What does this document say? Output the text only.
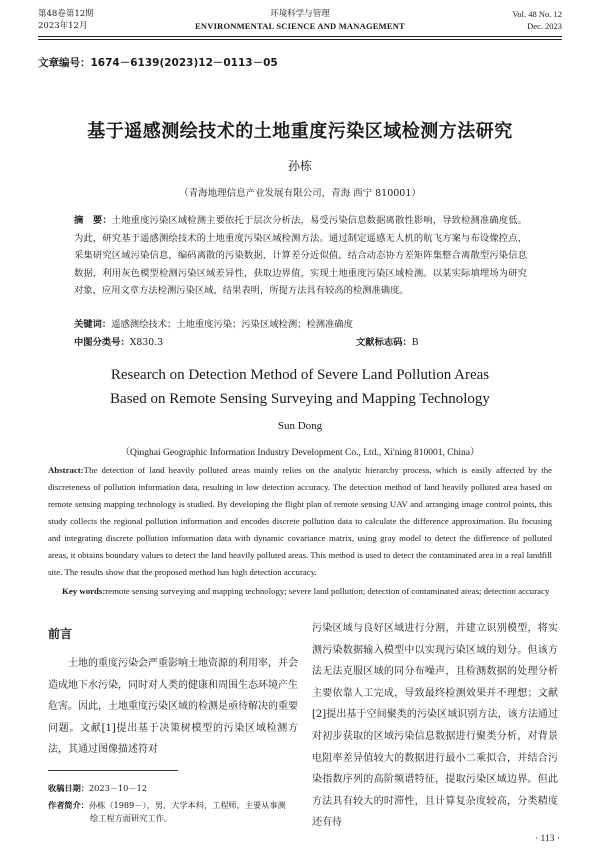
第48卷第12期
2023年12月
环境科学与管理
ENVIRONMENTAL SCIENCE AND MANAGEMENT
Vol. 48 No. 12
Dec. 2023
文章编号：1674－6139(2023)12－0113－05
基于遥感测绘技术的土地重度污染区域检测方法研究
孙栋
（青海地理信息产业发展有限公司，青海 西宁 810001）
摘　要：土地重度污染区域检测主要依托于层次分析法，易受污染信息数据离散性影响，导致检测准确度低。为此，研究基于遥感测绘技术的土地重度污染区域检测方法。通过制定遥感无人机的航飞方案与布设像控点，采集研究区域污染信息，编码离散的污染数据，计算差分近似值，结合动态协方差矩阵集整合离散型污染信息数据，利用灰色模型检测污染区域差异性，获取边界值，实现土地重度污染区域检测。以某实际填埋场为研究对象，应用文章方法检测污染区域，结果表明，所提方法具有较高的检测准确度。
关键词：遥感测绘技术；土地重度污染；污染区域检测；检测准确度
中图分类号：X830.3	文献标志码：B
Research on Detection Method of Severe Land Pollution Areas
Based on Remote Sensing Surveying and Mapping Technology
Sun Dong
（Qinghai Geographic Information Industry Development Co., Ltd., Xi'ning 810001, China）
Abstract:The detection of land heavily polluted areas mainly relies on the analytic hierarchy process, which is easily affected by the discreteness of pollution information data, resulting in low detection accuracy. The detection method of land heavily polluted area based on remote sensing mapping technology is studied. By developing the flight plan of remote sensing UAV and arranging image control points, this study collects the regional pollution information and encodes discrete pollution data to calculate the difference approximation. Bu focusing and integrating discrete pollution information data with dynamic covariance matrix, using gray model to detect the difference of polluted areas, it obtains boundary values to detect the land heavily polluted areas. This method is used to detect the contaminated area in a real landfill site. The results show that the proposed method has high detection accuracy.
Key words:remote sensing surveying and mapping technology; severe land pollution; detection of contaminated areas; detection accuracy
前言
土地的重度污染会严重影响土地资源的利用率，并会造成地下水污染，同时对人类的健康和周围生态环境产生危害。因此，土地重度污染区域的检测是亟待解决的重要问题。文献[1]提出基于决策树模型的污染区域检测方法，其通过图像描述符对
污染区域与良好区域进行分割，并建立识别模型，将实测污染数据输入模型中以实现污染区域的划分。但该方法无法克服区域的同分布噪声，且检测数据的处理分析主要依靠人工完成，导致最终检测效果并不理想；文献[2]提出基于空间聚类的污染区域识别方法，该方法通过对初步获取的区域污染信息数据进行聚类分析，对背景电阻率差异值较大的数据进行最小二乘拟合，并结合污染指数序列的高阶频谱特征，提取污染区域边界。但此方法具有较大的时滞性，且计算复杂度较高，分类精度还有待
收稿日期：2023－10－12
作者简介：孙栋（1989－），男，大学本科，工程师，主要从事测
绘工程方面研究工作。
· 113 ·
